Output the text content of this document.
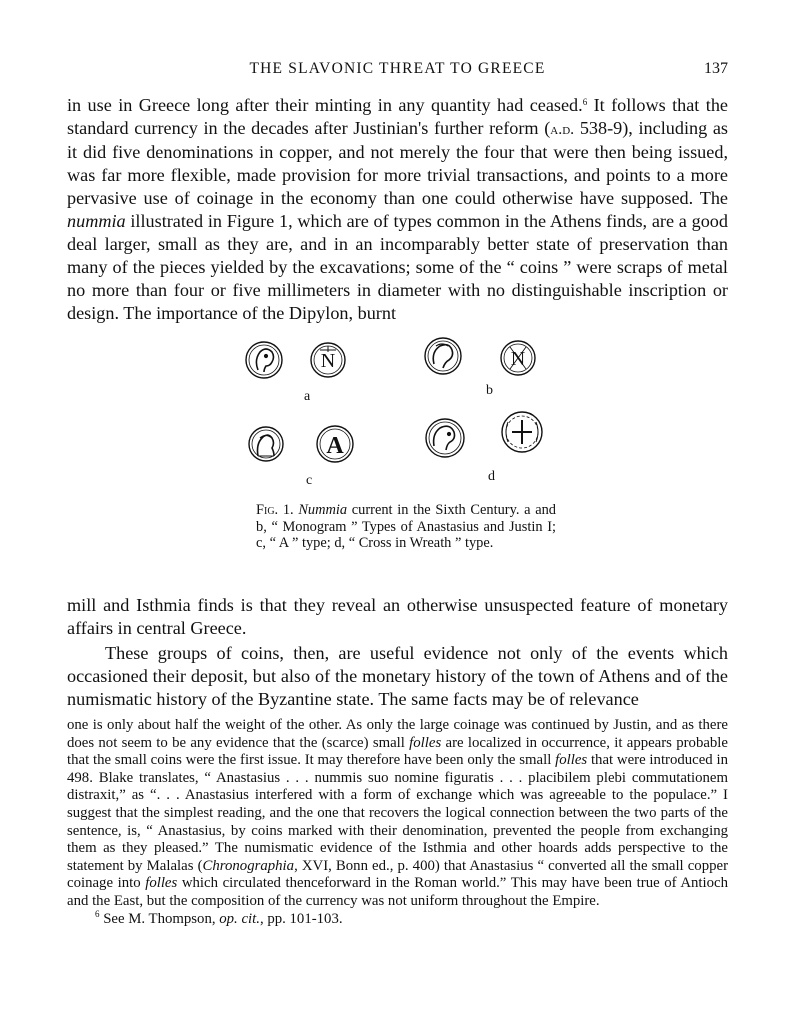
THE SLAVONIC THREAT TO GREECE	137

in use in Greece long after their minting in any quantity had ceased.$^6$ It follows that the standard currency in the decades after Justinian's further reform (a.d. 538-9), including as it did five denominations in copper, and not merely the four that were then being issued, was far more flexible, made provision for more trivial transactions, and points to a more pervasive use of coinage in the economy than one could otherwise have supposed. The nummia illustrated in Figure 1, which are of types common in the Athens finds, are a good deal larger, small as they are, and in an incomparably better state of preservation than many of the pieces yielded by the excavations; some of the “ coins ” were scraps of metal no more than four or five millimeters in diameter with no distinguishable inscription or design. The importance of the Dipylon, burnt

N	N
A
a	b
c	d
Fig. 1. Nummia current in the Sixth Century. a and b, “ Monogram ” Types of Anastasius and Justin I; c, “ A ” type; d, “ Cross in Wreath ” type.

mill and Isthmia finds is that they reveal an otherwise unsuspected feature of monetary affairs in central Greece.

These groups of coins, then, are useful evidence not only of the events which occasioned their deposit, but also of the monetary history of the town of Athens and of the numismatic history of the Byzantine state. The same facts may be of relevance

one is only about half the weight of the other. As only the large coinage was continued by Justin, and as there does not seem to be any evidence that the (scarce) small folles are localized in occurrence, it appears probable that the small coins were the first issue. It may therefore have been only the small folles that were introduced in 498. Blake translates, “ Anastasius . . . nummis suo nomine figuratis . . . placibilem plebi commutationem distraxit,” as “. . . Anastasius interfered with a form of exchange which was agreeable to the populace.” I suggest that the simplest reading, and the one that recovers the logical connection between the two parts of the sentence, is, “ Anastasius, by coins marked with their denomination, prevented the people from exchanging them as they pleased.” The numismatic evidence of the Isthmia and other hoards adds perspective to the statement by Malalas (Chronographia, XVI, Bonn ed., p. 400) that Anastasius “ converted all the small copper coinage into folles which circulated thenceforward in the Roman world.” This may have been true of Antioch and the East, but the composition of the currency was not uniform throughout the Empire.

$^6$ See M. Thompson, op. cit., pp. 101-103.
